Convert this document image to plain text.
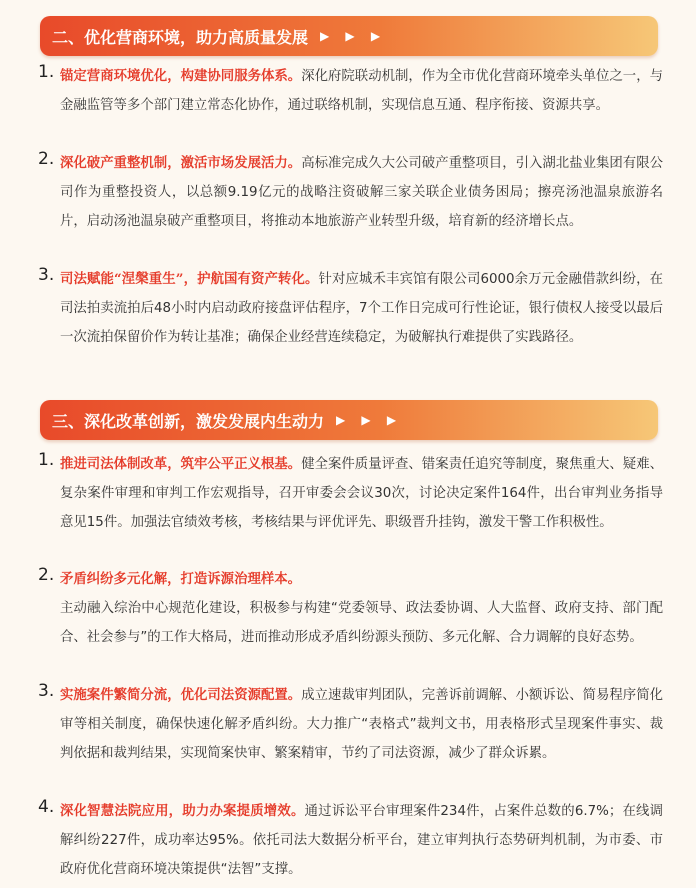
二、优化营商环境，助力高质量发展 ▶ ▶ ▶
1. 锚定营商环境优化，构建协同服务体系。深化府院联动机制，作为全市优化营商环境牵头单位之一，与金融监管等多个部门建立常态化协作，通过联络机制，实现信息互通、程序衔接、资源共享。
2. 深化破产重整机制，激活市场发展活力。高标准完成久大公司破产重整项目，引入湖北盐业集团有限公司作为重整投资人，以总额9.19亿元的战略注资破解三家关联企业债务困局；擦亮汤池温泉旅游名片，启动汤池温泉破产重整项目，将推动本地旅游产业转型升级，培育新的经济增长点。
3. 司法赋能“涅槃重生”，护航国有资产转化。针对应城禾丰宾馆有限公司6000余万元金融借款纠纷，在司法拍卖流拍后48小时内启动政府接盘评估程序，7个工作日完成可行性论证，银行债权人接受以最后一次流拍保留价作为转让基准；确保企业经营连续稳定，为破解执行难提供了实践路径。
三、深化改革创新，激发发展内生动力 ▶ ▶ ▶
1. 推进司法体制改革，筑牢公平正义根基。健全案件质量评查、错案责任追究等制度，聚焦重大、疑难、复杂案件审理和审判工作宏观指导，召开审委会会议30次，讨论决定案件164件，出台审判业务指导意见15件。加强法官绩效考核，考核结果与评优评先、职级晋升挂钩，激发干警工作积极性。
2. 矛盾纠纷多元化解，打造诉源治理样本。
主动融入综治中心规范化建设，积极参与构建“党委领导、政法委协调、人大监督、政府支持、部门配合、社会参与”的工作大格局，进而推动形成矛盾纠纷源头预防、多元化解、合力调解的良好态势。
3. 实施案件繁简分流，优化司法资源配置。成立速裁审判团队，完善诉前调解、小额诉讼、简易程序简化审等相关制度，确保快速化解矛盾纠纷。大力推广“表格式”裁判文书，用表格形式呈现案件事实、裁判依据和裁判结果，实现简案快审、繁案精审，节约了司法资源，减少了群众诉累。
4. 深化智慧法院应用，助力办案提质增效。通过诉讼平台审理案件234件，占案件总数的6.7%；在线调解纠纷227件，成功率达95%。依托司法大数据分析平台，建立审判执行态势研判机制，为市委、市政府优化营商环境决策提供“法智”支撑。
